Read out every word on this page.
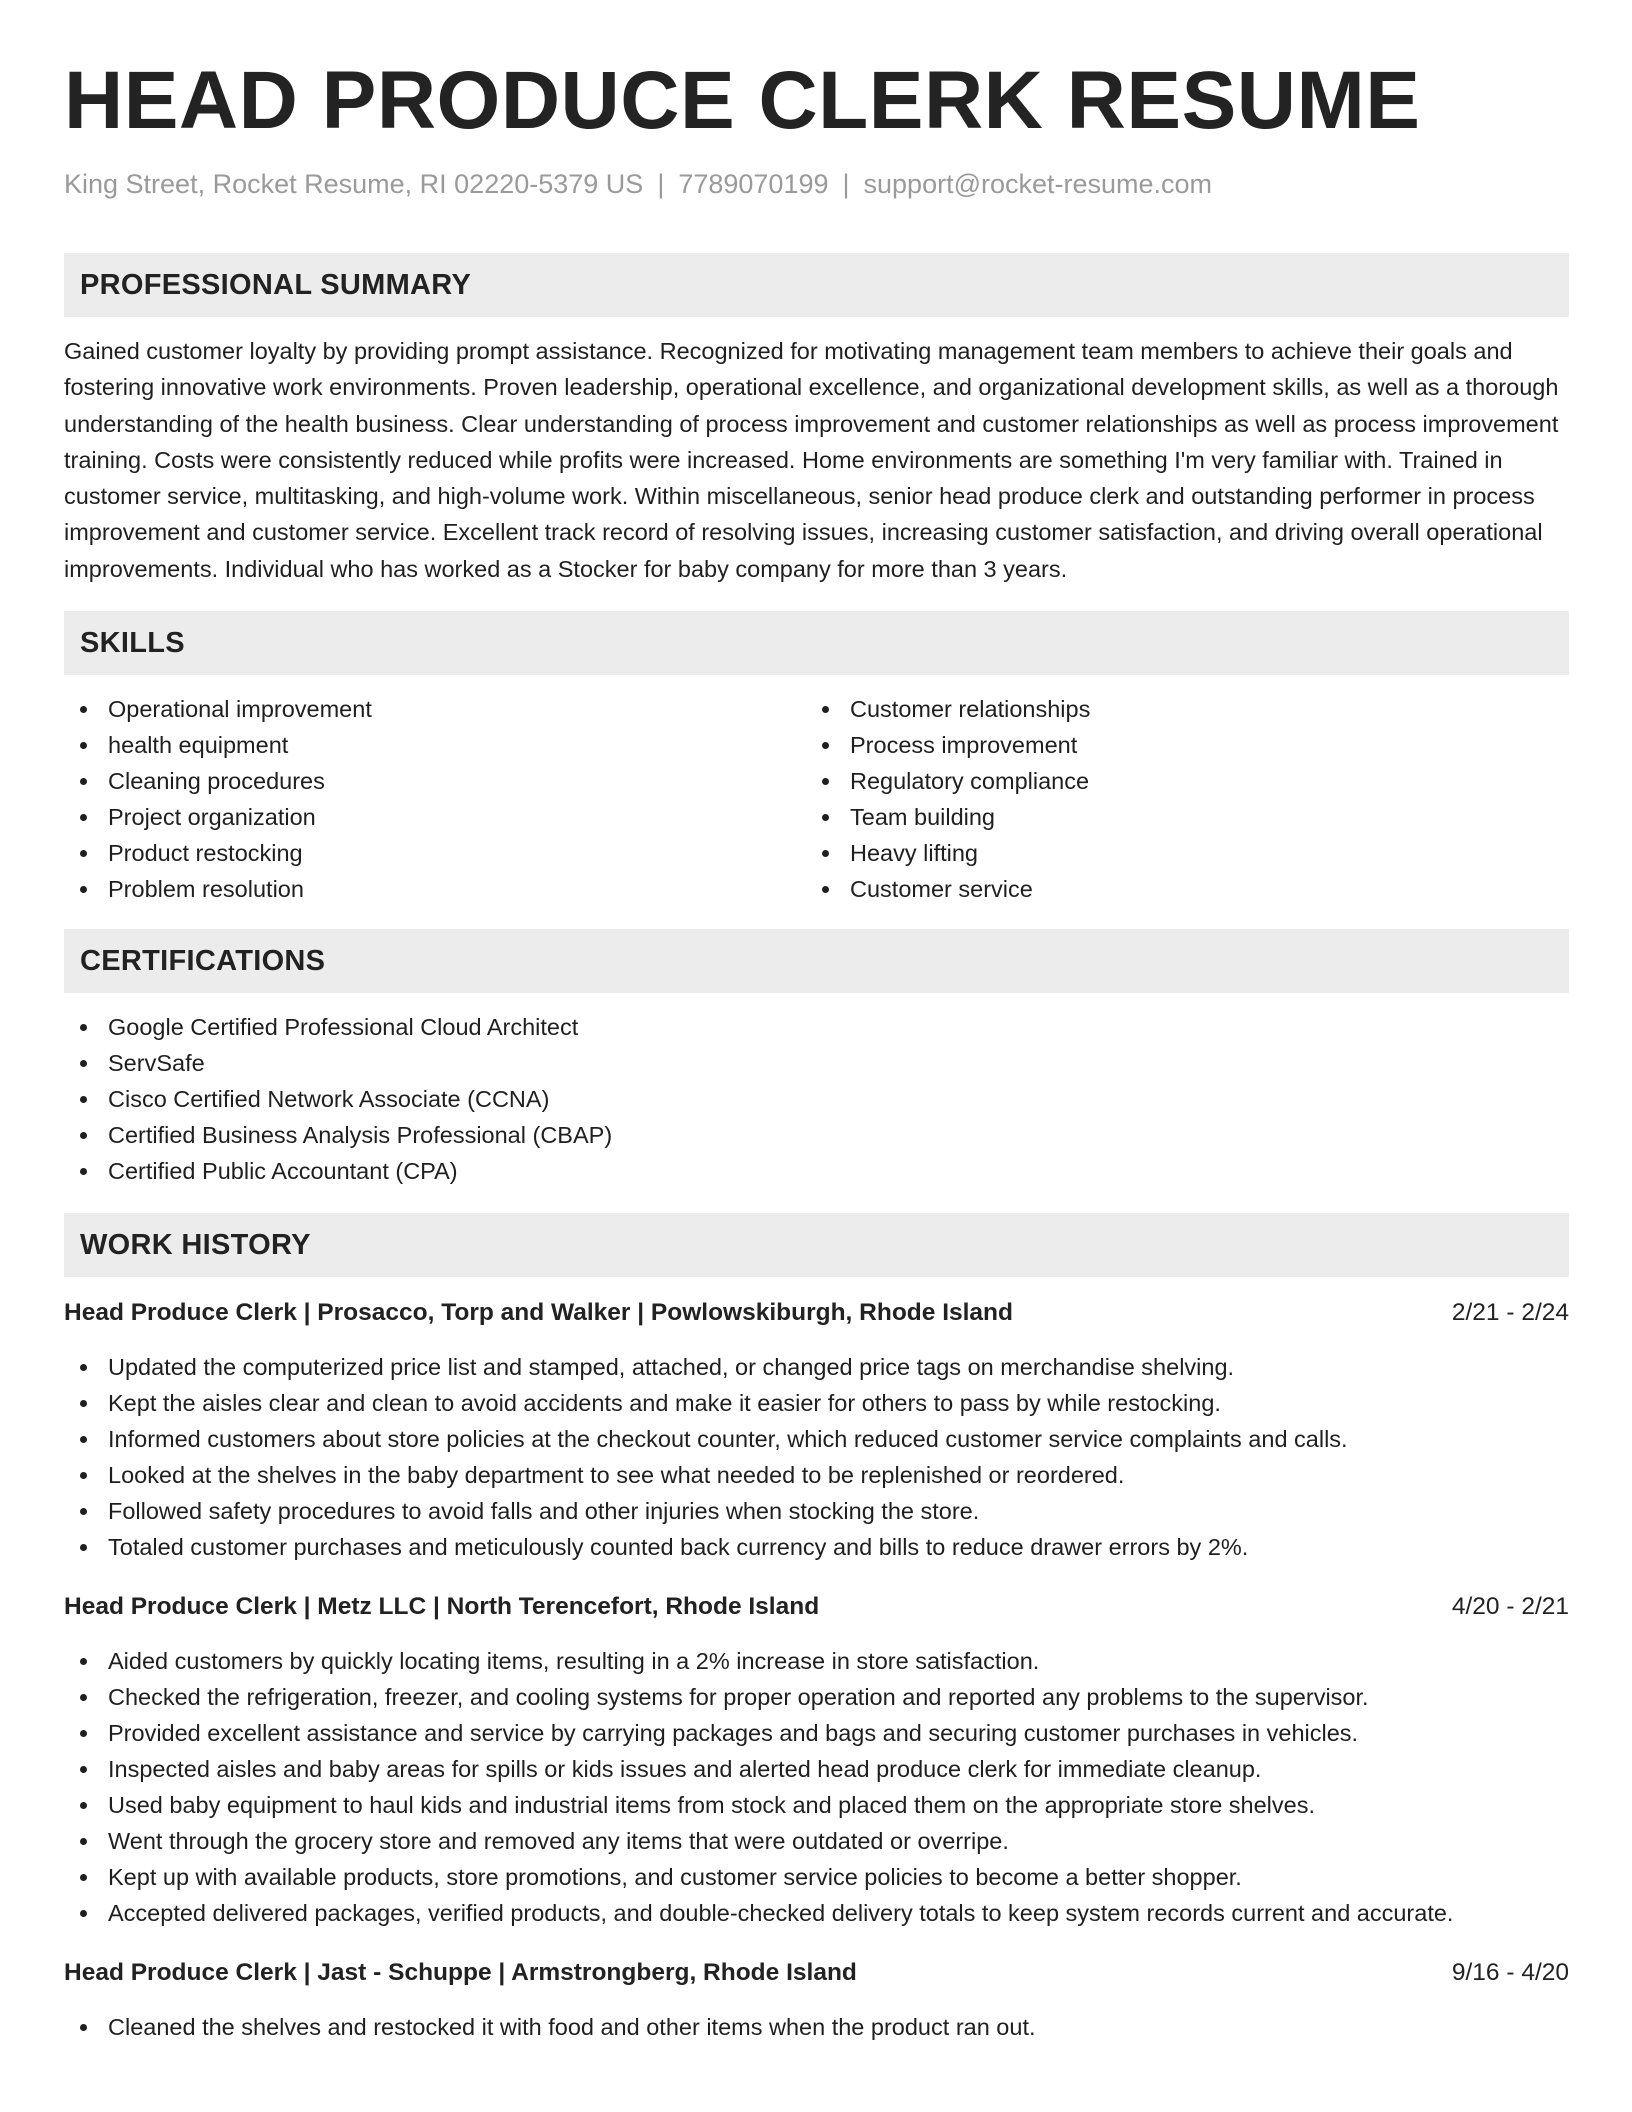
HEAD PRODUCE CLERK RESUME
King Street, Rocket Resume, RI 02220-5379 US | 7789070199 | support@rocket-resume.com
PROFESSIONAL SUMMARY

Gained customer loyalty by providing prompt assistance. Recognized for motivating management team members to achieve their goals and fostering innovative work environments. Proven leadership, operational excellence, and organizational development skills, as well as a thorough understanding of the health business. Clear understanding of process improvement and customer relationships as well as process improvement training. Costs were consistently reduced while profits were increased. Home environments are something I'm very familiar with. Trained in customer service, multitasking, and high-volume work. Within miscellaneous, senior head produce clerk and outstanding performer in process improvement and customer service. Excellent track record of resolving issues, increasing customer satisfaction, and driving overall operational improvements. Individual who has worked as a Stocker for baby company for more than 3 years.

SKILLS
Operational improvement
health equipment
Cleaning procedures
Project organization
Product restocking
Problem resolution
Customer relationships
Process improvement
Regulatory compliance
Team building
Heavy lifting
Customer service
CERTIFICATIONS
Google Certified Professional Cloud Architect
ServSafe
Cisco Certified Network Associate (CCNA)
Certified Business Analysis Professional (CBAP)
Certified Public Accountant (CPA)
WORK HISTORY
Head Produce Clerk | Prosacco, Torp and Walker | Powlowskiburgh, Rhode Island	2/21 - 2/24
Updated the computerized price list and stamped, attached, or changed price tags on merchandise shelving.
Kept the aisles clear and clean to avoid accidents and make it easier for others to pass by while restocking.
Informed customers about store policies at the checkout counter, which reduced customer service complaints and calls.
Looked at the shelves in the baby department to see what needed to be replenished or reordered.
Followed safety procedures to avoid falls and other injuries when stocking the store.
Totaled customer purchases and meticulously counted back currency and bills to reduce drawer errors by 2%.
Head Produce Clerk | Metz LLC | North Terencefort, Rhode Island	4/20 - 2/21
Aided customers by quickly locating items, resulting in a 2% increase in store satisfaction.
Checked the refrigeration, freezer, and cooling systems for proper operation and reported any problems to the supervisor.
Provided excellent assistance and service by carrying packages and bags and securing customer purchases in vehicles.
Inspected aisles and baby areas for spills or kids issues and alerted head produce clerk for immediate cleanup.
Used baby equipment to haul kids and industrial items from stock and placed them on the appropriate store shelves.
Went through the grocery store and removed any items that were outdated or overripe.
Kept up with available products, store promotions, and customer service policies to become a better shopper.
Accepted delivered packages, verified products, and double-checked delivery totals to keep system records current and accurate.
Head Produce Clerk | Jast - Schuppe | Armstrongberg, Rhode Island	9/16 - 4/20
Cleaned the shelves and restocked it with food and other items when the product ran out.
